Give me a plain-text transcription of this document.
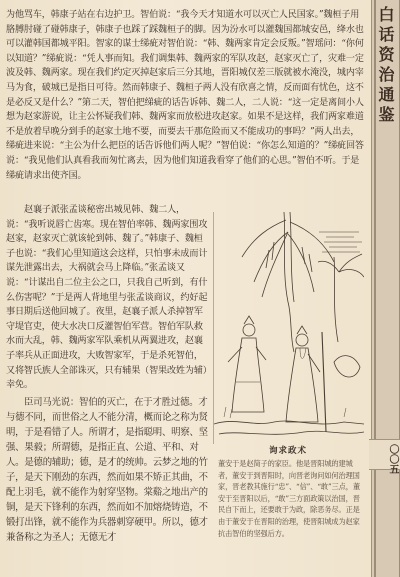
为他骂车，韩康子站在右边护卫。智伯说：“我今天才知道水可以灭亡人民国家。”魏桓子用胳膊肘碰了碰韩康子，韩康子也踩了踩魏桓子的脚。因为汾水可以灌魏国都城安邑，绛水也可以灌韩国都城平阳。智家的谋士绨疵对智伯说：“韩、魏两家肯定会反叛。”智瑶问：“你何以知道？”绨疵说：“凭人事而知。我们调集韩、魏两家的军队攻赵，赵家灭亡了，灾难一定波及韩、魏两家。现在我们约定灭掉赵家后三分其地，晋阳城仅差三版就被水淹没，城内宰马为食，破城已是指日可待。然而韩康子、魏桓子两人没有欣喜之情，反而面有忧色，这不是必反又是什么？”第二天，智伯把绨疵的话告诉韩、魏二人，二人说：“这一定是离间小人想为赵家游说，让主公怀疑我们韩、魏两家而放松进攻赵家。如果不是这样，我们两家难道不是放着早晚分到手的赵家土地不要，而要去干那危险而又不能成功的事吗？”两人出去，绨疵进来说：“主公为什么把臣的话告诉他们两人呢？”智伯说：“你怎么知道的？”绨疵回答说：“我见他们认真看我而匆忙离去，因为他们知道我看穿了他们的心思。”智伯不听。于是绨疵请求出使齐国。

赵襄子派张孟谈秘密出城见韩、魏二人，说：“我听说唇亡齿寒。现在智伯率韩、魏两家围攻赵家，赵家灭亡就该轮到韩、魏了。”韩康子、魏桓子也说：“我们心里知道这会这样，只怕事未成而计谋先泄露出去，大祸就会马上降临。”张孟谈又说：“计谋出自二位主公之口，只我自己听到，有什么伤害呢？”于是两人背地里与张孟谈商议，约好起事日期后送他回城了。夜里，赵襄子派人杀掉智军守堤官吏，使大水决口反灌智伯军营。智伯军队救水而大乱，韩、魏两家军队乘机从两翼进攻，赵襄子率兵从正面进攻，大败智家军，于是杀死智伯，又将智氏族人全部诛灭，只有辅果（智果改姓为辅）幸免。

臣司马光说：智伯的灭亡，在于才胜过德。才与德不同，而世俗之人不能分清，概而论之称为贤明，于是看错了人。所谓才，是指聪明、明察、坚强、果毅；所谓德，是指正直、公道、平和、对人。是德的辅助；德，是才的统帅。云梦之地的竹子，是天下刚劲的东西，然而如果不矫正其曲，不配上羽毛，就不能作为射穿坚物。棠谿之地出产的铜，是天下锋利的东西，然而如不加熔烧铸造，不锻打出锋，就不能作为兵器刺穿硬甲。所以，德才兼备称之为圣人；无德无才

询求政术
董安于是赵简子的家臣。他是晋阳城的建城者，董安于到晋阳时，向晋老询问如何治理国家，晋老教其施行“忠”、“信”、“敢”三点，董安于至晋阳以后，“敢”三方面政策以治国，晋民自下而上，还要敢于为政，除恶务尽。正是由于董安于在晋阳的治理，使晋阳城成为赵家抗击智伯的坚强后方。
白话资治通鉴
〇〇五
